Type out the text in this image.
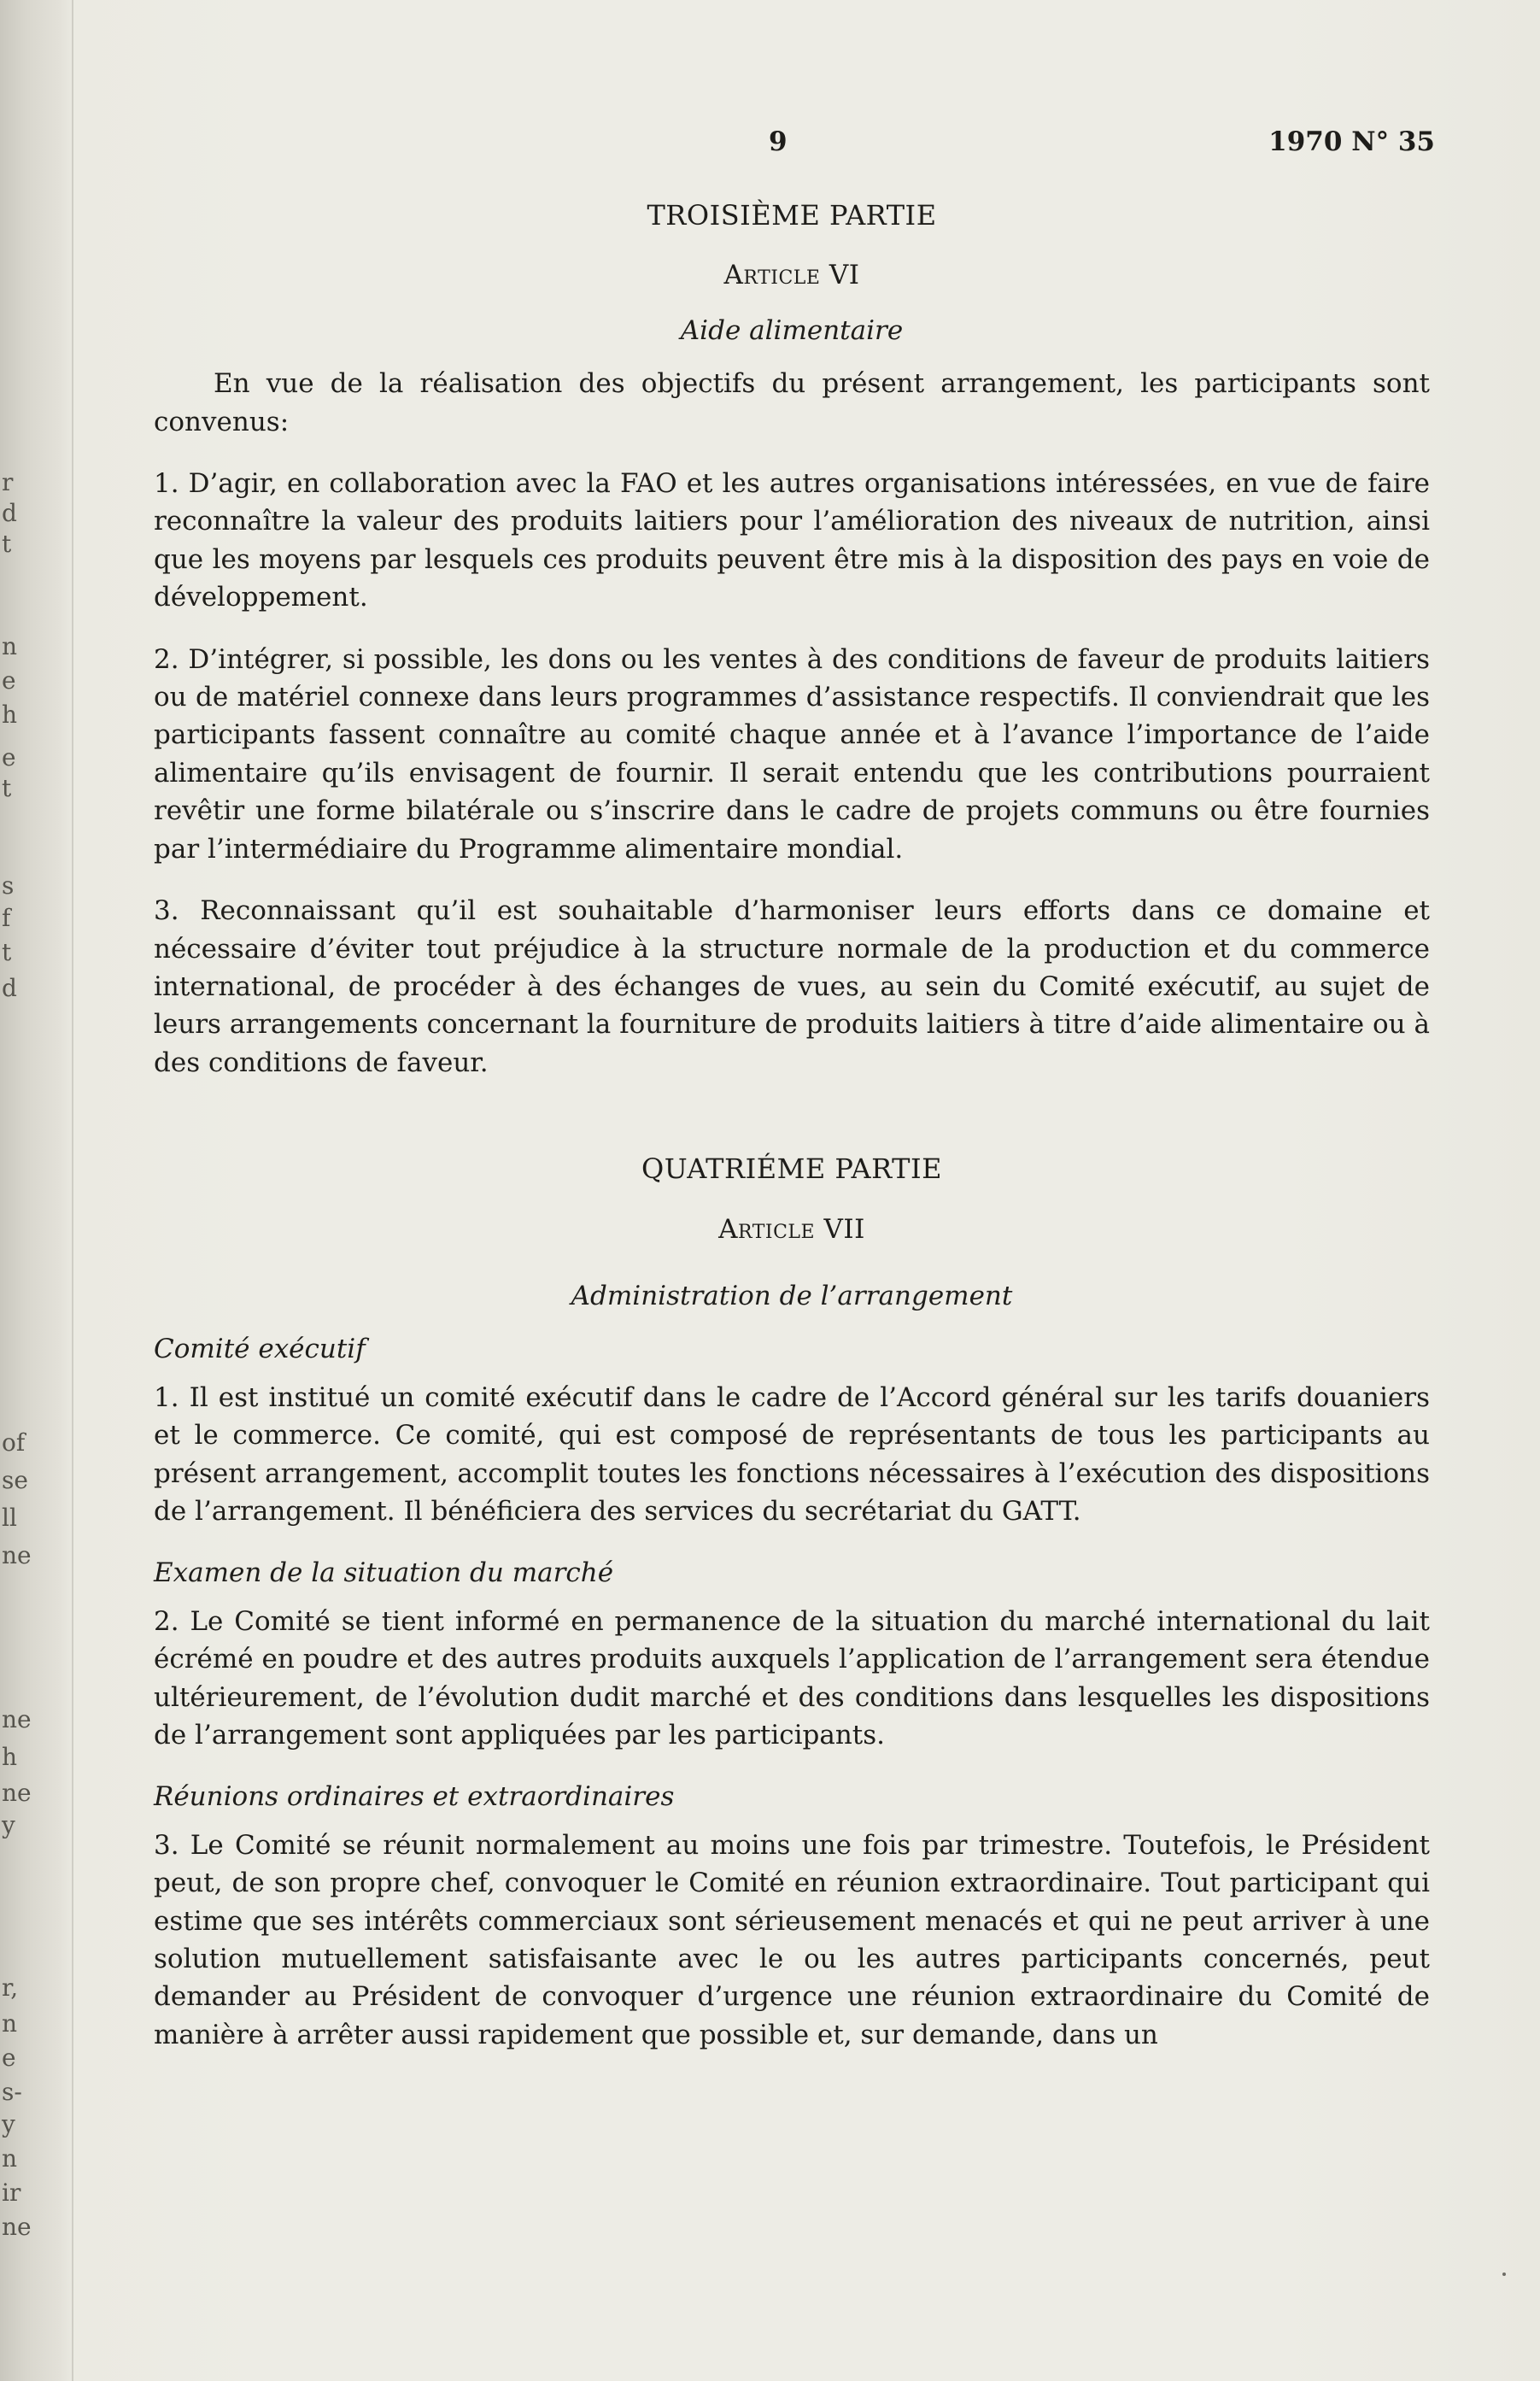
r
d
t
n
e
h
e
t
s
f
t
d
of
se
ll
ne
ne
h
ne
y
r,
n
e
s-
y
n
ir
ne
9	1970 N° 35
TROISIÈME PARTIE
Article VI
Aide alimentaire

En vue de la réalisation des objectifs du présent arrangement, les participants sont convenus:

1. D’agir, en collaboration avec la FAO et les autres organisations intéressées, en vue de faire reconnaître la valeur des produits laitiers pour l’amélioration des niveaux de nutrition, ainsi que les moyens par lesquels ces produits peuvent être mis à la disposition des pays en voie de développement.

2. D’intégrer, si possible, les dons ou les ventes à des conditions de faveur de produits laitiers ou de matériel connexe dans leurs programmes d’assistance respectifs. Il conviendrait que les participants fassent connaître au comité chaque année et à l’avance l’importance de l’aide alimentaire qu’ils envisagent de fournir. Il serait entendu que les contributions pourraient revêtir une forme bilatérale ou s’inscrire dans le cadre de projets communs ou être fournies par l’intermédiaire du Programme alimentaire mondial.

3. Reconnaissant qu’il est souhaitable d’harmoniser leurs efforts dans ce domaine et nécessaire d’éviter tout préjudice à la structure normale de la production et du commerce international, de procéder à des échanges de vues, au sein du Comité exécutif, au sujet de leurs arrangements concernant la fourniture de produits laitiers à titre d’aide alimentaire ou à des conditions de faveur.

QUATRIÉME PARTIE
Article VII
Administration de l’arrangement
Comité exécutif

1. Il est institué un comité exécutif dans le cadre de l’Accord général sur les tarifs douaniers et le commerce. Ce comité, qui est composé de représentants de tous les participants au présent arrangement, accomplit toutes les fonctions nécessaires à l’exécution des dispositions de l’arrangement. Il bénéficiera des services du secrétariat du GATT.

Examen de la situation du marché

2. Le Comité se tient informé en permanence de la situation du marché international du lait écrémé en poudre et des autres produits auxquels l’application de l’arrangement sera étendue ultérieurement, de l’évolution dudit marché et des conditions dans lesquelles les dispositions de l’arrangement sont appliquées par les participants.

Réunions ordinaires et extraordinaires

3. Le Comité se réunit normalement au moins une fois par trimestre. Toutefois, le Président peut, de son propre chef, convoquer le Comité en réunion extraordinaire. Tout participant qui estime que ses intérêts commerciaux sont sérieusement menacés et qui ne peut arriver à une solution mutuellement satisfaisante avec le ou les autres participants concernés, peut demander au Président de convoquer d’urgence une réunion extraordinaire du Comité de manière à arrêter aussi rapidement que possible et, sur demande, dans un
